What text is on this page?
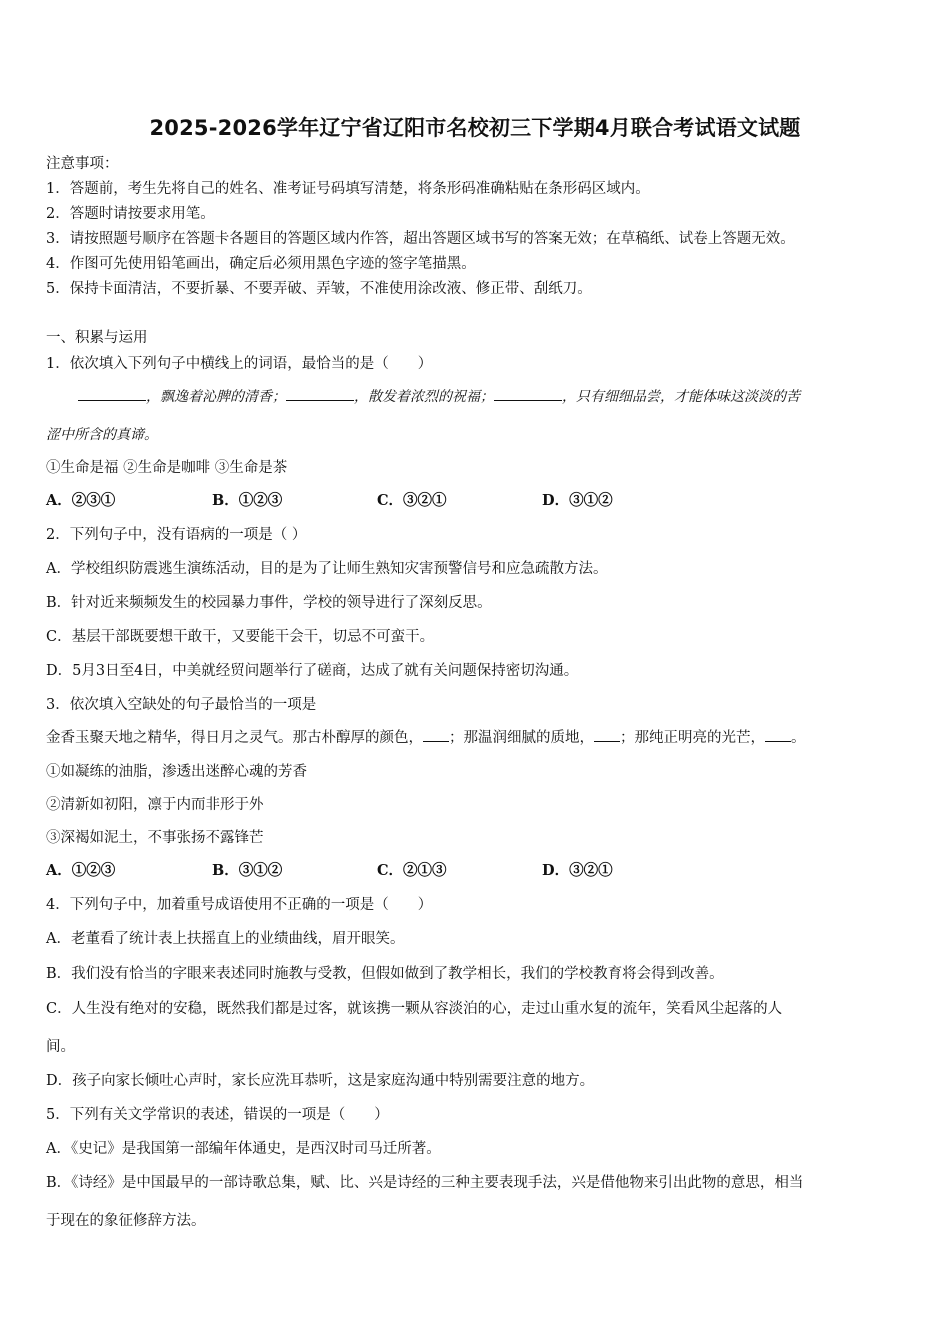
2025-2026学年辽宁省辽阳市名校初三下学期4月联合考试语文试题
注意事项：
1．答题前，考生先将自己的姓名、准考证号码填写清楚，将条形码准确粘贴在条形码区域内。
2．答题时请按要求用笔。
3．请按照题号顺序在答题卡各题目的答题区域内作答，超出答题区域书写的答案无效；在草稿纸、试卷上答题无效。
4．作图可先使用铅笔画出，确定后必须用黑色字迹的签字笔描黑。
5．保持卡面清洁，不要折暴、不要弄破、弄皱，不准使用涂改液、修正带、刮纸刀。
一、积累与运用
1．依次填入下列句子中横线上的词语，最恰当的是（　　）
，飘逸着沁脾的清香；	，散发着浓烈的祝福；	，只有细细品尝，才能体味这淡淡的苦
涩中所含的真谛。
①生命是福 ②生命是咖啡 ③生命是茶
A．②③①	B．①②③	C．③②①	D．③①②
2．下列句子中，没有语病的一项是（ ）
A．学校组织防震逃生演练活动，目的是为了让师生熟知灾害预警信号和应急疏散方法。
B．针对近来频频发生的校园暴力事件，学校的领导进行了深刻反思。
C．基层干部既要想干敢干，又要能干会干，切忌不可蛮干。
D．5月3日至4日，中美就经贸问题举行了磋商，达成了就有关问题保持密切沟通。
3．依次填入空缺处的句子最恰当的一项是
金香玉聚天地之精华，得日月之灵气。那古朴醇厚的颜色， ；那温润细腻的质地， ；那纯正明亮的光芒， 。
①如凝练的油脂，渗透出迷醉心魂的芳香
②清新如初阳，凛于内而非形于外
③深褐如泥土，不事张扬不露锋芒
A．①②③	B．③①②	C．②①③	D．③②①
4．下列句子中，加着重号成语使用不正确的一项是（　　）
A．老董看了统计表上扶摇直上的业绩曲线，眉开眼笑。
B．我们没有恰当的字眼来表述同时施教与受教，但假如做到了教学相长，我们的学校教育将会得到改善。
C．人生没有绝对的安稳，既然我们都是过客，就该携一颗从容淡泊的心，走过山重水复的流年，笑看风尘起落的人
间。
D．孩子向家长倾吐心声时，家长应洗耳恭听，这是家庭沟通中特别需要注意的地方。
5．下列有关文学常识的表述，错误的一项是（　　）
A．《史记》是我国第一部编年体通史，是西汉时司马迁所著。
B．《诗经》是中国最早的一部诗歌总集，赋、比、兴是诗经的三种主要表现手法，兴是借他物来引出此物的意思，相当
于现在的象征修辞方法。
